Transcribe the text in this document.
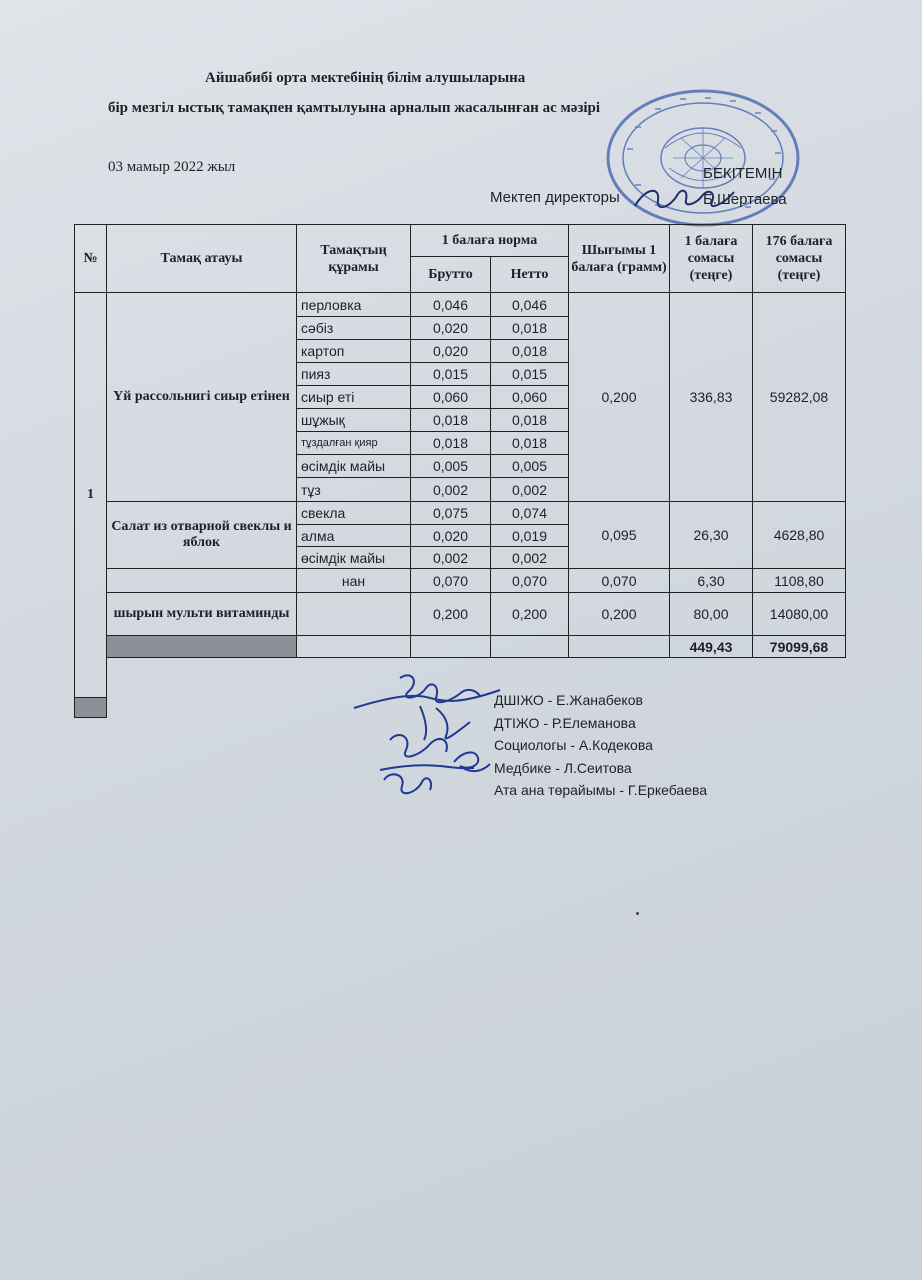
Айшабибі орта мектебінің білім алушыларына
бір мезгіл ыстық тамақпен қамтылуына арналып жасалынған ас мәзірі
03 мамыр 2022 жыл	БЕКІТЕМІН
Мектеп директоры	Б.Шертаева
№	Тамақ атауы	Тамақтың құрамы	1 балаға норма		Шығымы 1 балаға (грамм)	1 балаға сомасы (теңге)	176 балаға сомасы (теңге)
			Брутто	Нетто			
1	Үй рассольнигі сиыр етінен	перловка	0,046	0,046	0,200	336,83	59282,08
		сәбіз	0,020	0,018			
		картоп	0,020	0,018			
		пияз	0,015	0,015			
		сиыр еті	0,060	0,060			
		шұжық	0,018	0,018			
		тұздалған қияр	0,018	0,018			
		өсімдік майы	0,005	0,005			
		тұз	0,002	0,002			
	Салат из отварной свеклы и яблок	свекла	0,075	0,074	0,095	26,30	4628,80
		алма	0,020	0,019			
		өсімдік майы	0,002	0,002			
		нан	0,070	0,070	0,070	6,30	1108,80
	шырын мульти витаминды		0,200	0,200	0,200	80,00	14080,00
						449,43	79099,68

ДШІЖО - Е.Жанабеков
ДТІЖО - Р.Елеманова
Социологы - А.Кодекова
Медбике - Л.Сеитова
Ата ана төрайымы - Г.Еркебаева
